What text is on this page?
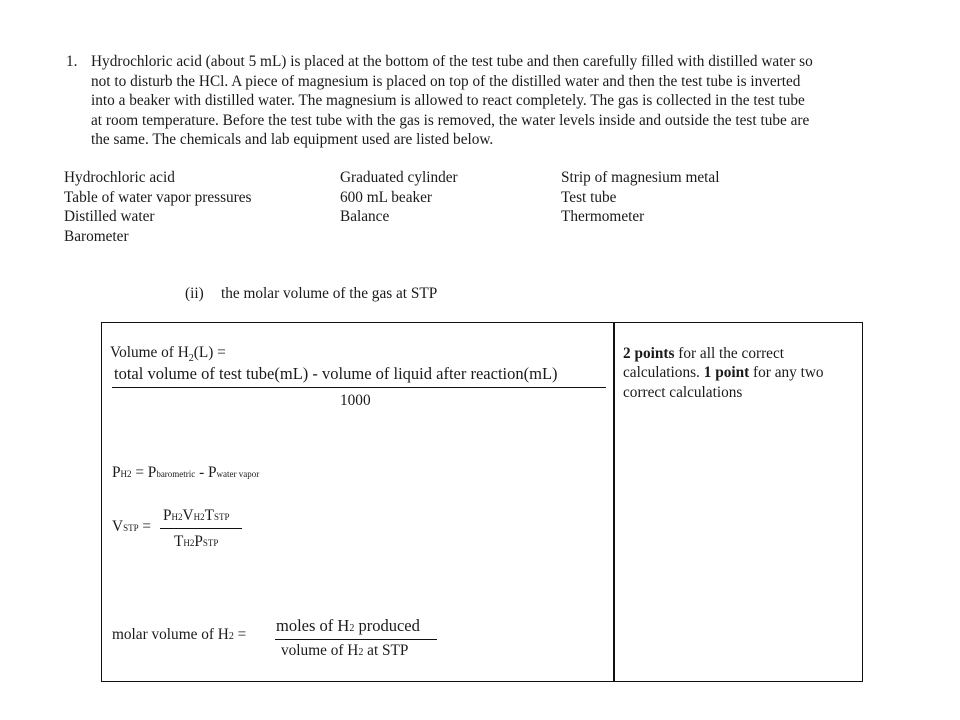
1. Hydrochloric acid (about 5 mL) is placed at the bottom of the test tube and then carefully filled with distilled water so
not to disturb the HCl. A piece of magnesium is placed on top of the distilled water and then the test tube is inverted
into a beaker with distilled water. The magnesium is allowed to react completely. The gas is collected in the test tube
at room temperature. Before the test tube with the gas is removed, the water levels inside and outside the test tube are
the same. The chemicals and lab equipment used are listed below.
Hydrochloric acid
Table of water vapor pressures
Distilled water
Barometer
Graduated cylinder
600 mL beaker
Balance
Strip of magnesium metal
Test tube
Thermometer
(ii) the molar volume of the gas at STP
Volume of $H_2(L)$ =
total volume of test tube(mL) - volume of liquid after reaction(mL)
1000
PH2 = Pbarometric - Pwater vapor
VSTP =
PH2VH2TSTP
TH2PSTP
molar volume of H2 = moles of H2 produced
volume of H2 at STP
2 points for all the correct calculations. 1 point for any two correct calculations
